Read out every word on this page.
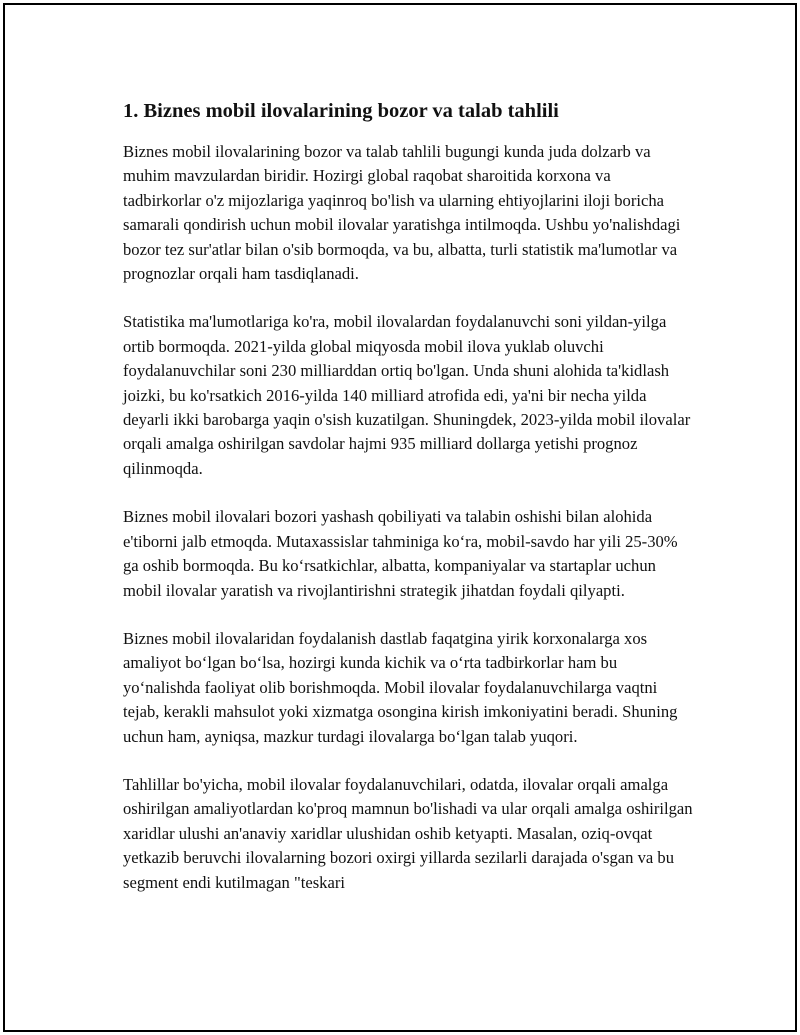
1. Biznes mobil ilovalarining bozor va talab tahlili

Biznes mobil ilovalarining bozor va talab tahlili bugungi kunda juda dolzarb va muhim mavzulardan biridir. Hozirgi global raqobat sharoitida korxona va tadbirkorlar o'z mijozlariga yaqinroq bo'lish va ularning ehtiyojlarini iloji boricha samarali qondirish uchun mobil ilovalar yaratishga intilmoqda. Ushbu yo'nalishdagi bozor tez sur'atlar bilan o'sib bormoqda, va bu, albatta, turli statistik ma'lumotlar va prognozlar orqali ham tasdiqlanadi.

Statistika ma'lumotlariga ko'ra, mobil ilovalardan foydalanuvchi soni yildan-yilga ortib bormoqda. 2021-yilda global miqyosda mobil ilova yuklab oluvchi foydalanuvchilar soni 230 milliarddan ortiq bo'lgan. Unda shuni alohida ta'kidlash joizki, bu ko'rsatkich 2016-yilda 140 milliard atrofida edi, ya'ni bir necha yilda deyarli ikki barobarga yaqin o'sish kuzatilgan. Shuningdek, 2023-yilda mobil ilovalar orqali amalga oshirilgan savdolar hajmi 935 milliard dollarga yetishi prognoz qilinmoqda.

Biznes mobil ilovalari bozori yashash qobiliyati va talabin oshishi bilan alohida e'tiborni jalb etmoqda. Mutaxassislar tahminiga koʻra, mobil-savdo har yili 25-30% ga oshib bormoqda. Bu koʻrsatkichlar, albatta, kompaniyalar va startaplar uchun mobil ilovalar yaratish va rivojlantirishni strategik jihatdan foydali qilyapti.

Biznes mobil ilovalaridan foydalanish dastlab faqatgina yirik korxonalarga xos amaliyot boʻlgan boʻlsa, hozirgi kunda kichik va oʻrta tadbirkorlar ham bu yoʻnalishda faoliyat olib borishmoqda. Mobil ilovalar foydalanuvchilarga vaqtni tejab, kerakli mahsulot yoki xizmatga osongina kirish imkoniyatini beradi. Shuning uchun ham, ayniqsa, mazkur turdagi ilovalarga boʻlgan talab yuqori.

Tahlillar bo'yicha, mobil ilovalar foydalanuvchilari, odatda, ilovalar orqali amalga oshirilgan amaliyotlardan ko'proq mamnun bo'lishadi va ular orqali amalga oshirilgan xaridlar ulushi an'anaviy xaridlar ulushidan oshib ketyapti. Masalan, oziq-ovqat yetkazib beruvchi ilovalarning bozori oxirgi yillarda sezilarli darajada o'sgan va bu segment endi kutilmagan "teskari
